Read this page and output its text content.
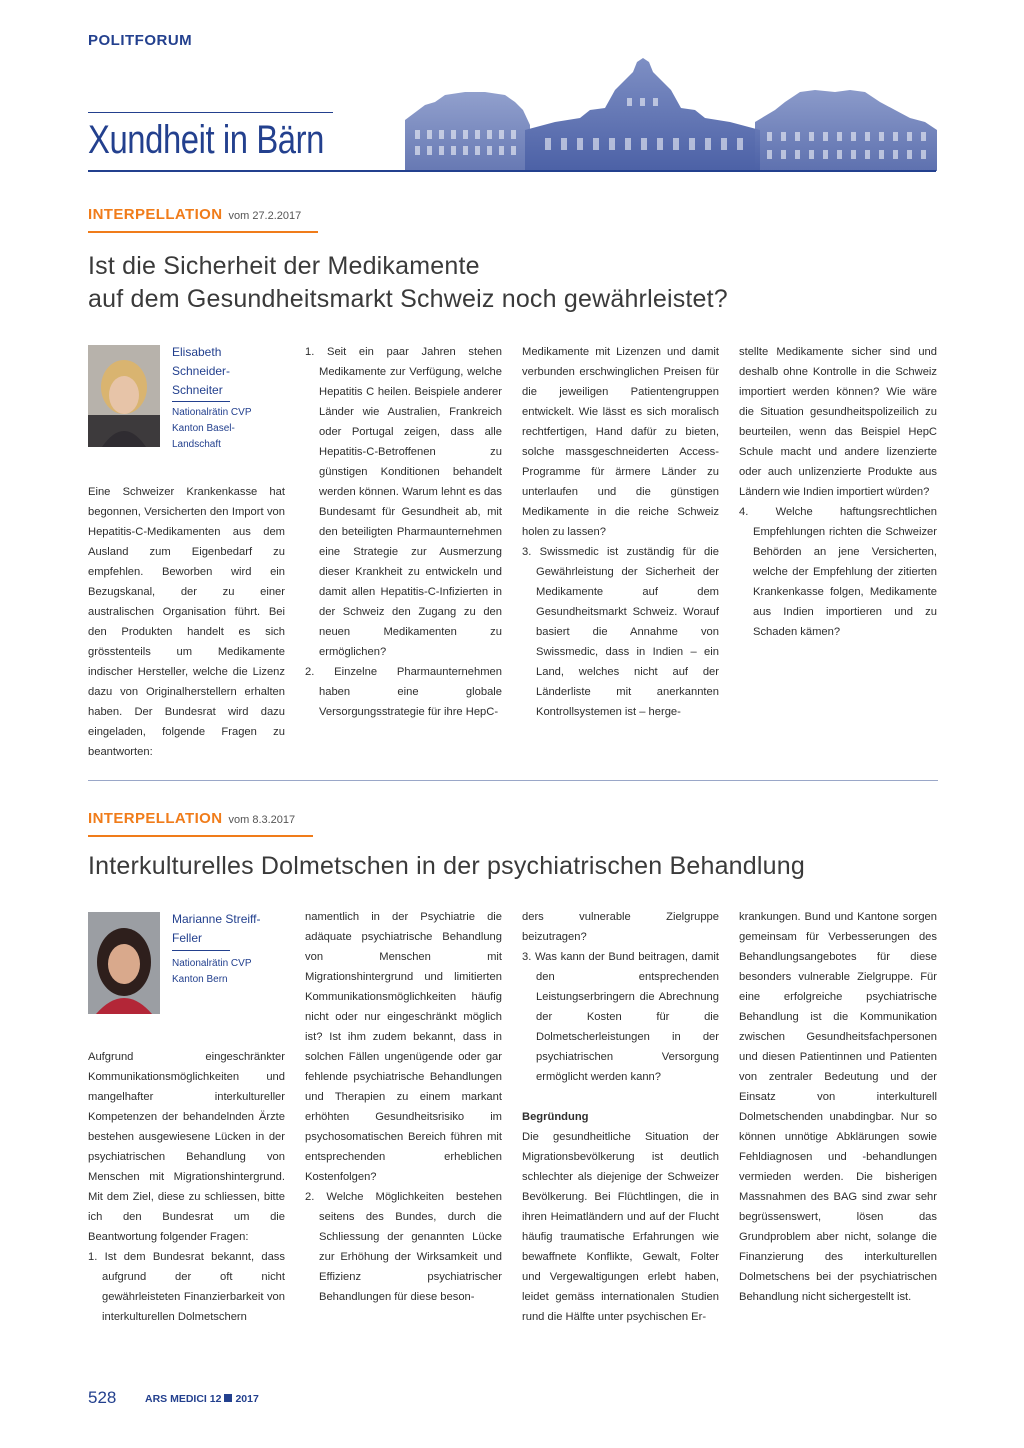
POLITFORUM
Xundheit in Bärn
INTERPELLATION vom 27.2.2017
Ist die Sicherheit der Medikamente
auf dem Gesundheitsmarkt Schweiz noch gewährleistet?
Elisabeth
Schneider-
Schneiter
Nationalrätin CVP
Kanton Basel-
Landschaft

Eine Schweizer Krankenkasse hat begonnen, Versicherten den Import von Hepatitis-C-Medikamenten aus dem Ausland zum Eigenbedarf zu empfehlen. Beworben wird ein Bezugskanal, der zu einer australischen Organisation führt. Bei den Produkten handelt es sich grösstenteils um Medikamente indischer Hersteller, welche die Lizenz dazu von Originalherstellern erhalten haben. Der Bundesrat wird dazu eingeladen, folgende Fragen zu beantworten:

1. Seit ein paar Jahren stehen Medikamente zur Verfügung, welche Hepatitis C heilen. Beispiele anderer Länder wie Australien, Frankreich oder Portugal zeigen, dass alle Hepatitis-C-Betroffenen zu günstigen Konditionen behandelt werden können. Warum lehnt es das Bundesamt für Gesundheit ab, mit den beteiligten Pharmaunternehmen eine Strategie zur Ausmerzung dieser Krankheit zu entwickeln und damit allen Hepatitis-C-Infizierten in der Schweiz den Zugang zu den neuen Medikamenten zu ermöglichen?

2. Einzelne Pharmaunternehmen haben eine globale Versorgungsstrategie für ihre HepC-

Medikamente mit Lizenzen und damit verbunden erschwinglichen Preisen für die jeweiligen Patientengruppen entwickelt. Wie lässt es sich moralisch rechtfertigen, Hand dafür zu bieten, solche massgeschneiderten Access-Programme für ärmere Länder zu unterlaufen und die günstigen Medikamente in die reiche Schweiz holen zu lassen?

3. Swissmedic ist zuständig für die Gewährleistung der Sicherheit der Medikamente auf dem Gesundheitsmarkt Schweiz. Worauf basiert die Annahme von Swissmedic, dass in Indien – ein Land, welches nicht auf der Länderliste mit anerkannten Kontrollsystemen ist – herge-

stellte Medikamente sicher sind und deshalb ohne Kontrolle in die Schweiz importiert werden können? Wie wäre die Situation gesundheitspolizeilich zu beurteilen, wenn das Beispiel HepC Schule macht und andere lizenzierte oder auch unlizenzierte Produkte aus Ländern wie Indien importiert würden?

4. Welche haftungsrechtlichen Empfehlungen richten die Schweizer Behörden an jene Versicherten, welche der Empfehlung der zitierten Krankenkasse folgen, Medikamente aus Indien importieren und zu Schaden kämen?

INTERPELLATION vom 8.3.2017
Interkulturelles Dolmetschen in der psychiatrischen Behandlung
Marianne Streiff-
Feller
Nationalrätin CVP
Kanton Bern

Aufgrund eingeschränkter Kommunikationsmöglichkeiten und mangelhafter interkultureller Kompetenzen der behandelnden Ärzte bestehen ausgewiesene Lücken in der psychiatrischen Behandlung von Menschen mit Migrationshintergrund. Mit dem Ziel, diese zu schliessen, bitte ich den Bundesrat um die Beantwortung folgender Fragen:

1. Ist dem Bundesrat bekannt, dass aufgrund der oft nicht gewährleisteten Finanzierbarkeit von interkulturellen Dolmetschern

namentlich in der Psychiatrie die adäquate psychiatrische Behandlung von Menschen mit Migrationshintergrund und limitierten Kommunikationsmöglichkeiten häufig nicht oder nur eingeschränkt möglich ist? Ist ihm zudem bekannt, dass in solchen Fällen ungenügende oder gar fehlende psychiatrische Behandlungen und Therapien zu einem markant erhöhten Gesundheitsrisiko im psychosomatischen Bereich führen mit entsprechenden erheblichen Kostenfolgen?

2. Welche Möglichkeiten bestehen seitens des Bundes, durch die Schliessung der genannten Lücke zur Erhöhung der Wirksamkeit und Effizienz psychiatrischer Behandlungen für diese beson-

ders vulnerable Zielgruppe beizutragen?

3. Was kann der Bund beitragen, damit den entsprechenden Leistungserbringern die Abrechnung der Kosten für die Dolmetscherleistungen in der psychiatrischen Versorgung ermöglicht werden kann?

Begründung

Die gesundheitliche Situation der Migrationsbevölkerung ist deutlich schlechter als diejenige der Schweizer Bevölkerung. Bei Flüchtlingen, die in ihren Heimatländern und auf der Flucht häufig traumatische Erfahrungen wie bewaffnete Konflikte, Gewalt, Folter und Vergewaltigungen erlebt haben, leidet gemäss internationalen Studien rund die Hälfte unter psychischen Er-

krankungen. Bund und Kantone sorgen gemeinsam für Verbesserungen des Behandlungsangebotes für diese besonders vulnerable Zielgruppe. Für eine erfolgreiche psychiatrische Behandlung ist die Kommunikation zwischen Gesundheitsfachpersonen und diesen Patientinnen und Patienten von zentraler Bedeutung und der Einsatz von interkulturell Dolmetschenden unabdingbar. Nur so können unnötige Abklärungen sowie Fehldiagnosen und -behandlungen vermieden werden. Die bisherigen Massnahmen des BAG sind zwar sehr begrüssenswert, lösen das Grundproblem aber nicht, solange die Finanzierung des interkulturellen Dolmetschens bei der psychiatrischen Behandlung nicht sichergestellt ist.

528	ARS MEDICI 12 2017
